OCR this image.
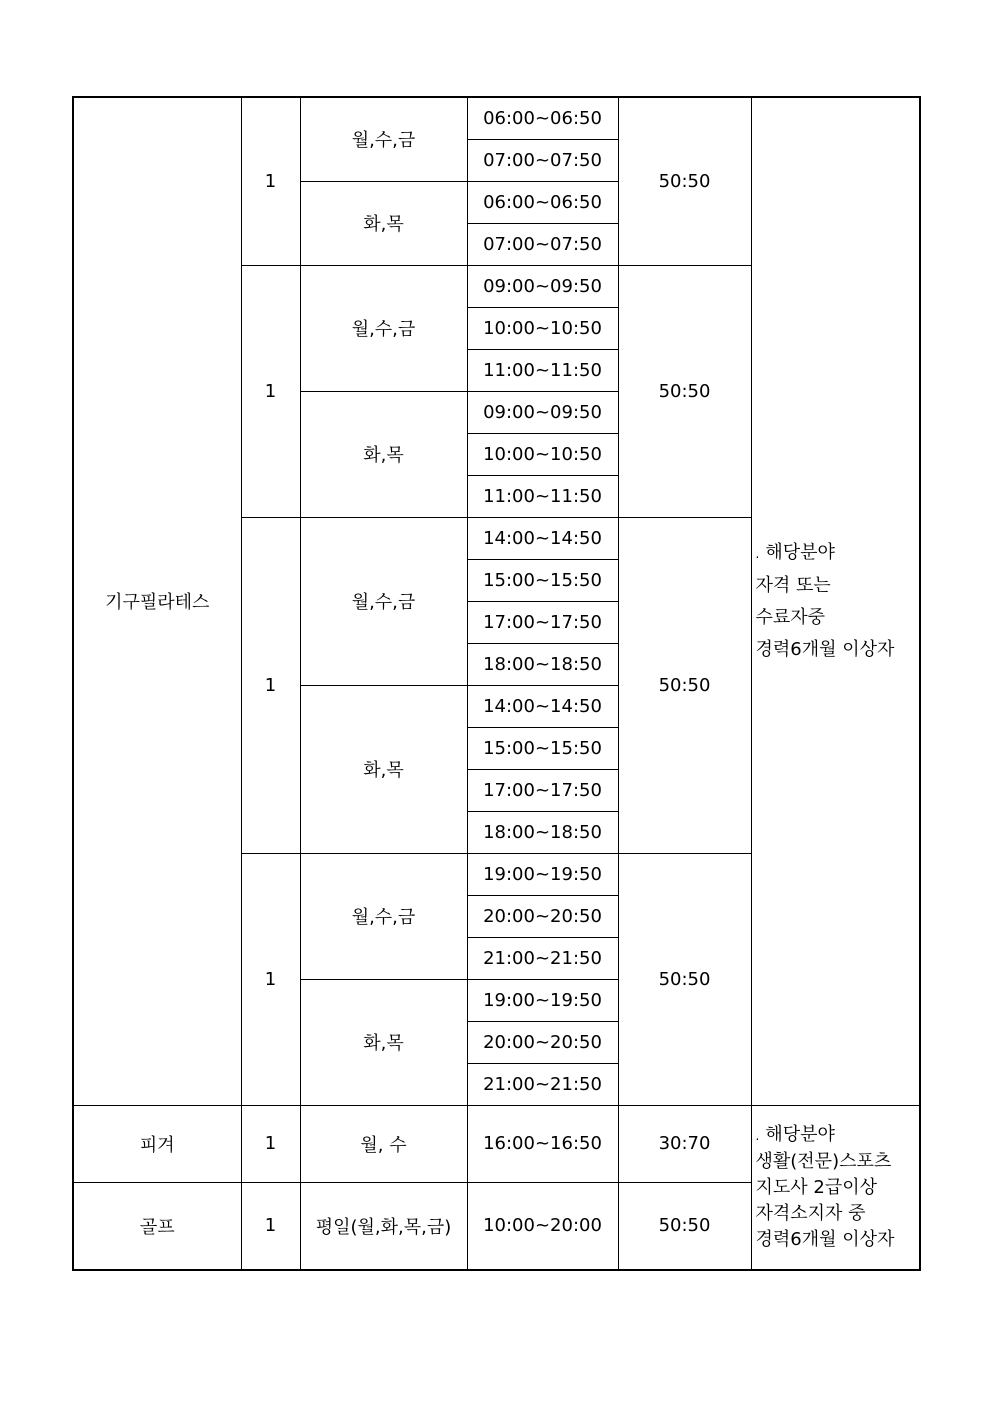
기구필라테스	1	월,수,금	06:00~06:50	50:50	. 해당분야

자격 또는
수료자중
경력6개월 이상자

			07:00~07:50		
		화,목	06:00~06:50		
			07:00~07:50		
	1	월,수,금	09:00~09:50	50:50	
			10:00~10:50		
			11:00~11:50		
		화,목	09:00~09:50		
			10:00~10:50		
			11:00~11:50		
	1	월,수,금	14:00~14:50	50:50	
			15:00~15:50		
			17:00~17:50		
			18:00~18:50		
		화,목	14:00~14:50		
			15:00~15:50		
			17:00~17:50		
			18:00~18:50		
	1	월,수,금	19:00~19:50	50:50	
			20:00~20:50		
			21:00~21:50		
		화,목	19:00~19:50		
			20:00~20:50		
			21:00~21:50		
피겨	1	월, 수	16:00~16:50	30:70	. 해당분야

생활(전문)스포츠
지도사 2급이상
자격소지자 중
경력6개월 이상자

골프	1	평일(월,화,목,금)	10:00~20:00	50:50	
